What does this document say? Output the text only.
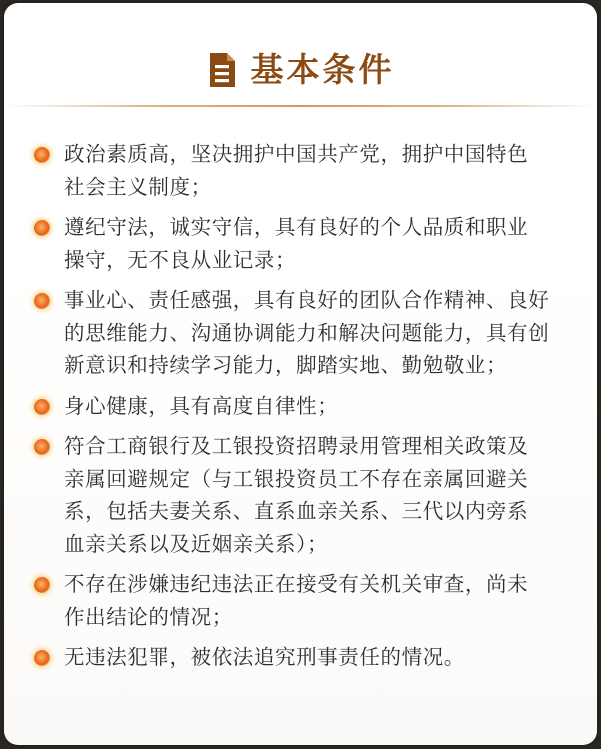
基本条件
政治素质高，坚决拥护中国共产党，拥护中国特色
社会主义制度；
遵纪守法，诚实守信，具有良好的个人品质和职业
操守，无不良从业记录；
事业心、责任感强，具有良好的团队合作精神、良好
的思维能力、沟通协调能力和解决问题能力，具有创
新意识和持续学习能力，脚踏实地、勤勉敬业；
身心健康，具有高度自律性；
符合工商银行及工银投资招聘录用管理相关政策及
亲属回避规定（与工银投资员工不存在亲属回避关
系，包括夫妻关系、直系血亲关系、三代以内旁系
血亲关系以及近姻亲关系）；
不存在涉嫌违纪违法正在接受有关机关审查，尚未
作出结论的情况；
无违法犯罪，被依法追究刑事责任的情况。
